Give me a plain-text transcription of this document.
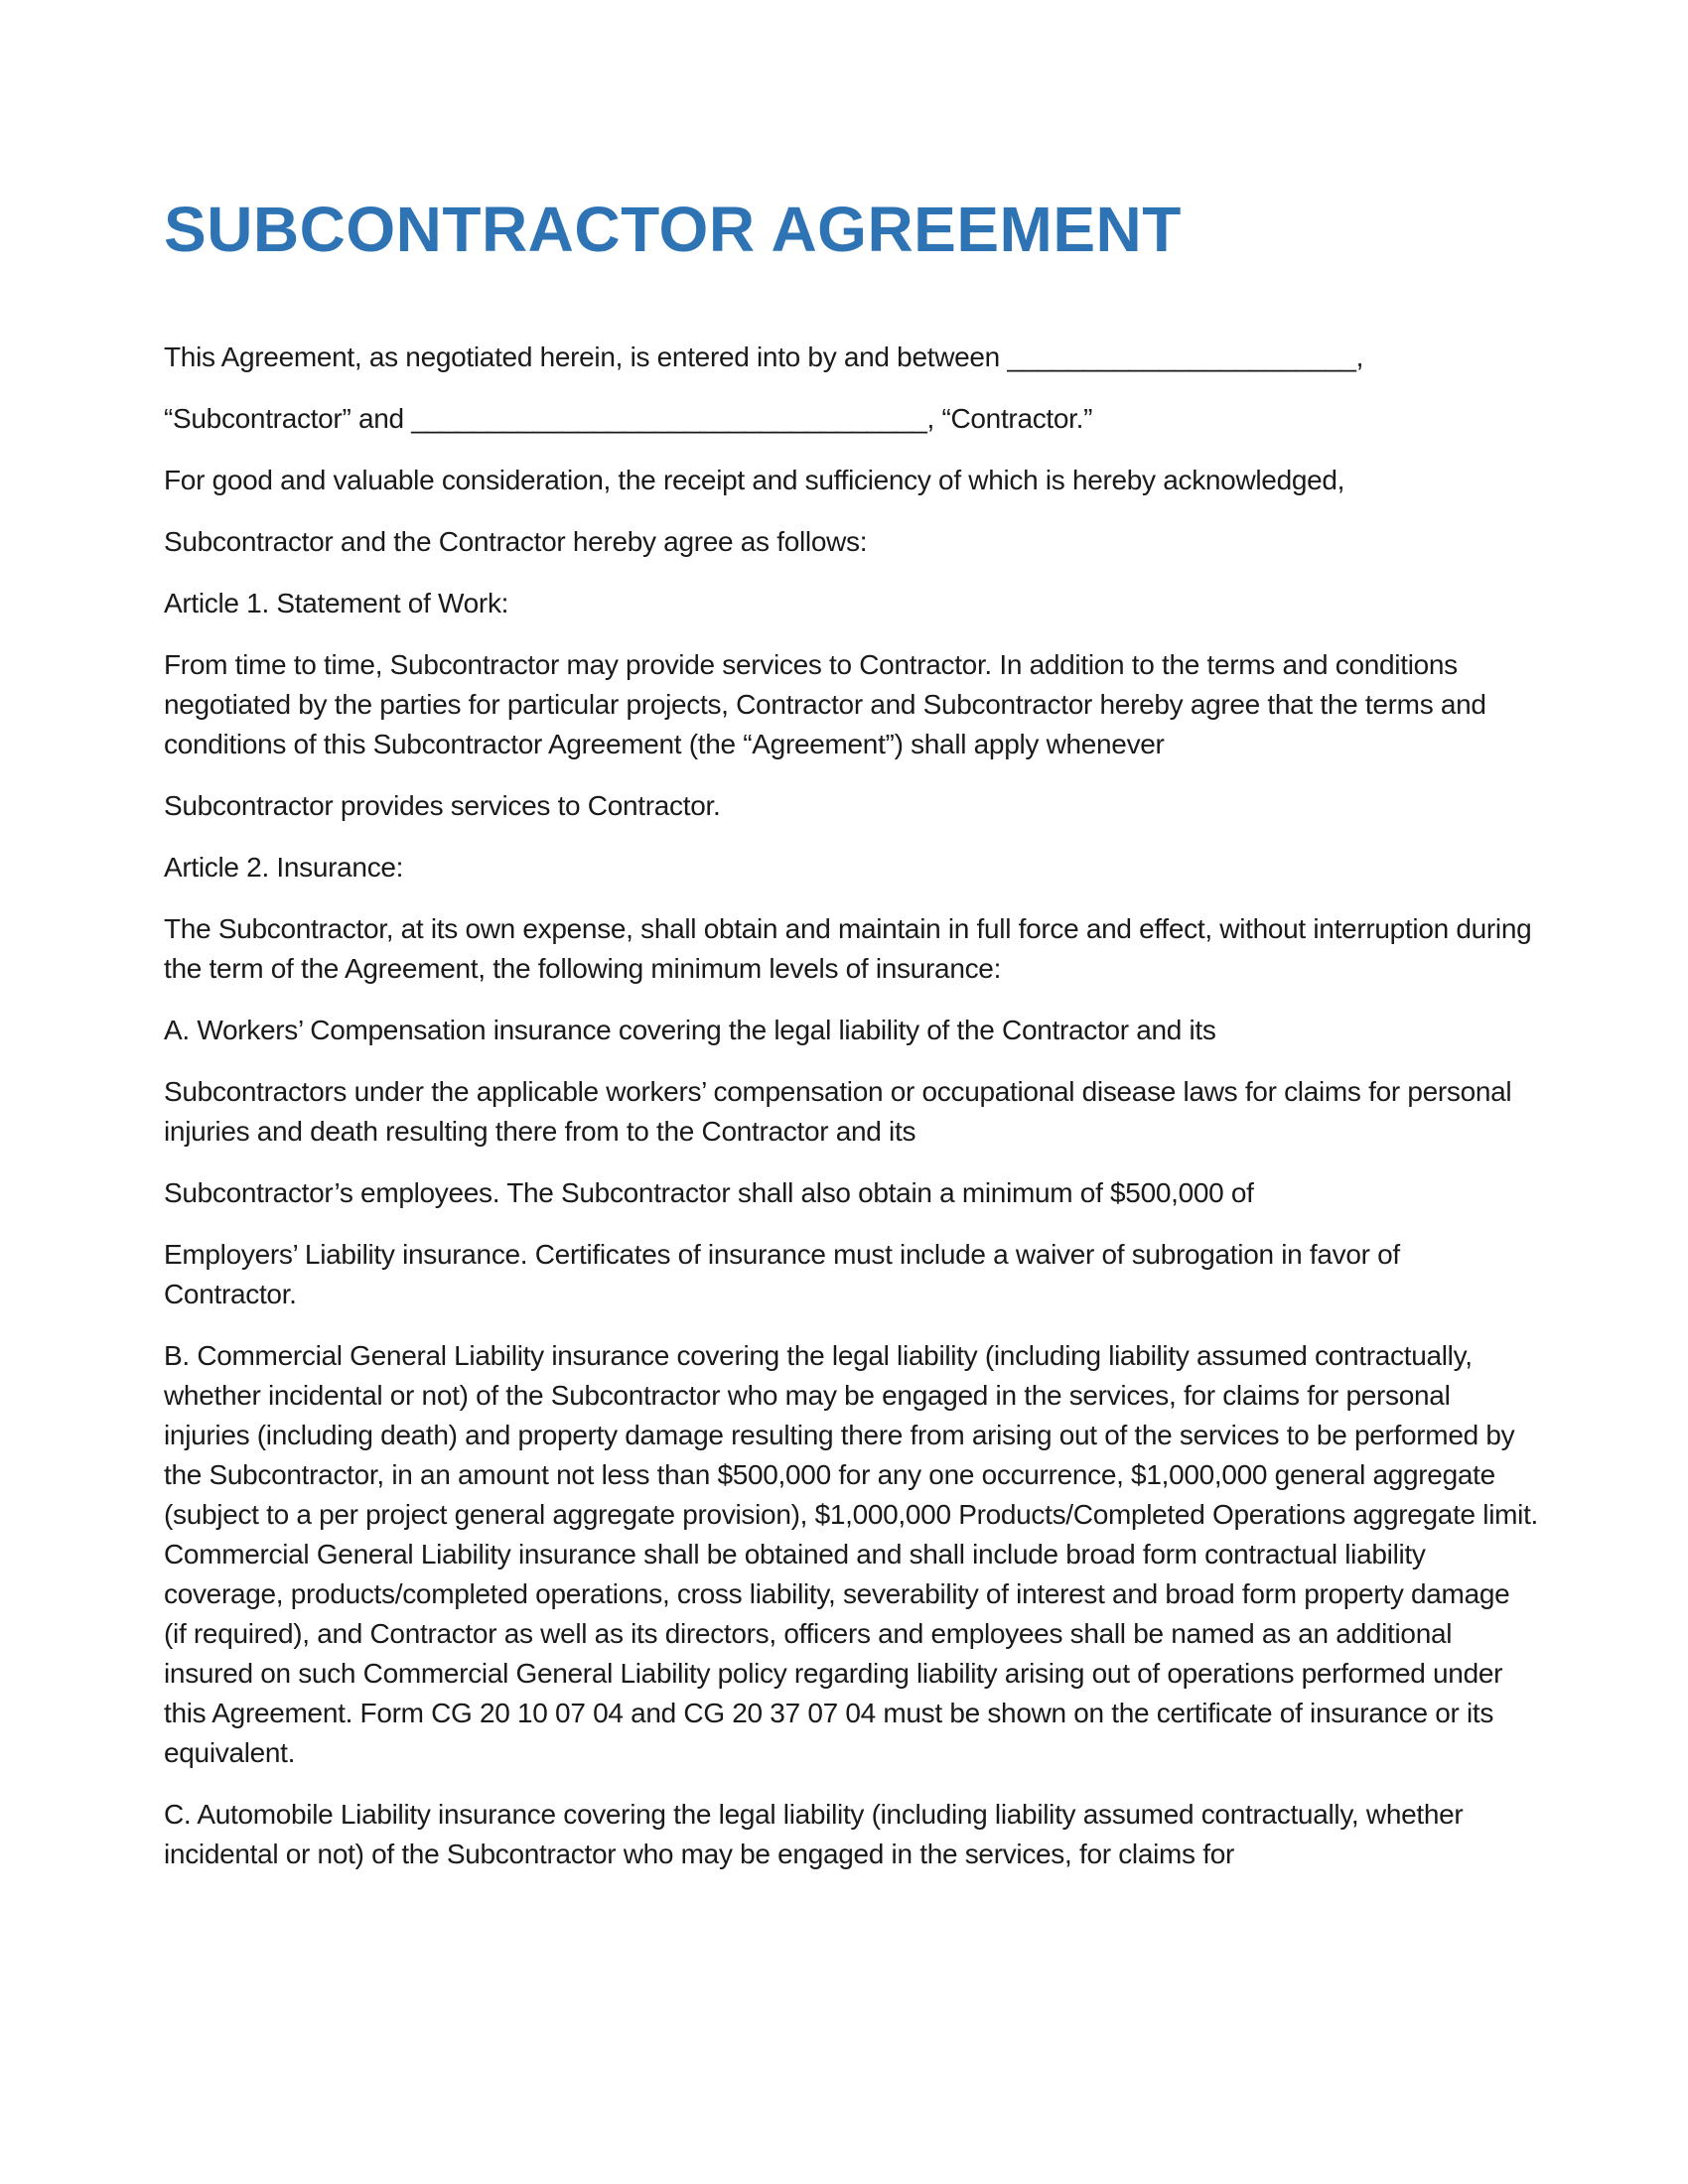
SUBCONTRACTOR AGREEMENT

This Agreement, as negotiated herein, is entered into by and between _______________________,

“Subcontractor” and __________________________________, “Contractor.”

For good and valuable consideration, the receipt and sufficiency of which is hereby acknowledged,

Subcontractor and the Contractor hereby agree as follows:

Article 1. Statement of Work:

From time to time, Subcontractor may provide services to Contractor. In addition to the terms and conditions negotiated by the parties for particular projects, Contractor and Subcontractor hereby agree that the terms and conditions of this Subcontractor Agreement (the “Agreement”) shall apply whenever

Subcontractor provides services to Contractor.

Article 2. Insurance:

The Subcontractor, at its own expense, shall obtain and maintain in full force and effect, without interruption during the term of the Agreement, the following minimum levels of insurance:

A. Workers’ Compensation insurance covering the legal liability of the Contractor and its

Subcontractors under the applicable workers’ compensation or occupational disease laws for claims for personal injuries and death resulting there from to the Contractor and its

Subcontractor’s employees. The Subcontractor shall also obtain a minimum of $500,000 of

Employers’ Liability insurance. Certificates of insurance must include a waiver of subrogation in favor of Contractor.

B. Commercial General Liability insurance covering the legal liability (including liability assumed contractually, whether incidental or not) of the Subcontractor who may be engaged in the services, for claims for personal injuries (including death) and property damage resulting there from arising out of the services to be performed by the Subcontractor, in an amount not less than $500,000 for any one occurrence, $1,000,000 general aggregate (subject to a per project general aggregate provision), $1,000,000 Products/Completed Operations aggregate limit. Commercial General Liability insurance shall be obtained and shall include broad form contractual liability coverage, products/completed operations, cross liability, severability of interest and broad form property damage (if required), and Contractor as well as its directors, officers and employees shall be named as an additional insured on such Commercial General Liability policy regarding liability arising out of operations performed under this Agreement. Form CG 20 10 07 04 and CG 20 37 07 04 must be shown on the certificate of insurance or its equivalent.

C. Automobile Liability insurance covering the legal liability (including liability assumed contractually, whether incidental or not) of the Subcontractor who may be engaged in the services, for claims for
